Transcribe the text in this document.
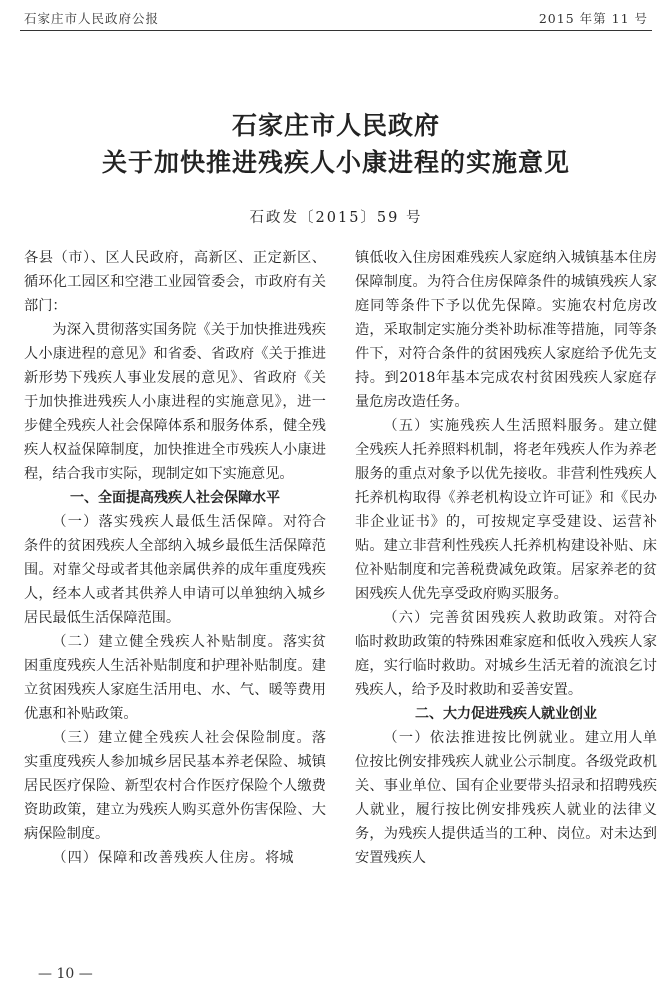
石家庄市人民政府公报	2015 年第 11 号
石家庄市人民政府
关于加快推进残疾人小康进程的实施意见
石政发〔2015〕59 号

各县（市）、区人民政府，高新区、正定新区、循环化工园区和空港工业园管委会，市政府有关部门：

为深入贯彻落实国务院《关于加快推进残疾人小康进程的意见》和省委、省政府《关于推进新形势下残疾人事业发展的意见》、省政府《关于加快推进残疾人小康进程的实施意见》，进一步健全残疾人社会保障体系和服务体系，健全残疾人权益保障制度，加快推进全市残疾人小康进程，结合我市实际，现制定如下实施意见。

一、全面提高残疾人社会保障水平

（一）落实残疾人最低生活保障。对符合条件的贫困残疾人全部纳入城乡最低生活保障范围。对靠父母或者其他亲属供养的成年重度残疾人，经本人或者其供养人申请可以单独纳入城乡居民最低生活保障范围。

（二）建立健全残疾人补贴制度。落实贫困重度残疾人生活补贴制度和护理补贴制度。建立贫困残疾人家庭生活用电、水、气、暖等费用优惠和补贴政策。

（三）建立健全残疾人社会保险制度。落实重度残疾人参加城乡居民基本养老保险、城镇居民医疗保险、新型农村合作医疗保险个人缴费资助政策，建立为残疾人购买意外伤害保险、大病保险制度。

（四）保障和改善残疾人住房。将城

镇低收入住房困难残疾人家庭纳入城镇基本住房保障制度。为符合住房保障条件的城镇残疾人家庭同等条件下予以优先保障。实施农村危房改造，采取制定实施分类补助标准等措施，同等条件下，对符合条件的贫困残疾人家庭给予优先支持。到2018年基本完成农村贫困残疾人家庭存量危房改造任务。

（五）实施残疾人生活照料服务。建立健全残疾人托养照料机制，将老年残疾人作为养老服务的重点对象予以优先接收。非营利性残疾人托养机构取得《养老机构设立许可证》和《民办非企业证书》的，可按规定享受建设、运营补贴。建立非营利性残疾人托养机构建设补贴、床位补贴制度和完善税费减免政策。居家养老的贫困残疾人优先享受政府购买服务。

（六）完善贫困残疾人救助政策。对符合临时救助政策的特殊困难家庭和低收入残疾人家庭，实行临时救助。对城乡生活无着的流浪乞讨残疾人，给予及时救助和妥善安置。

二、大力促进残疾人就业创业

（一）依法推进按比例就业。建立用人单位按比例安排残疾人就业公示制度。各级党政机关、事业单位、国有企业要带头招录和招聘残疾人就业，履行按比例安排残疾人就业的法律义务，为残疾人提供适当的工种、岗位。对未达到安置残疾人

— 10 —
